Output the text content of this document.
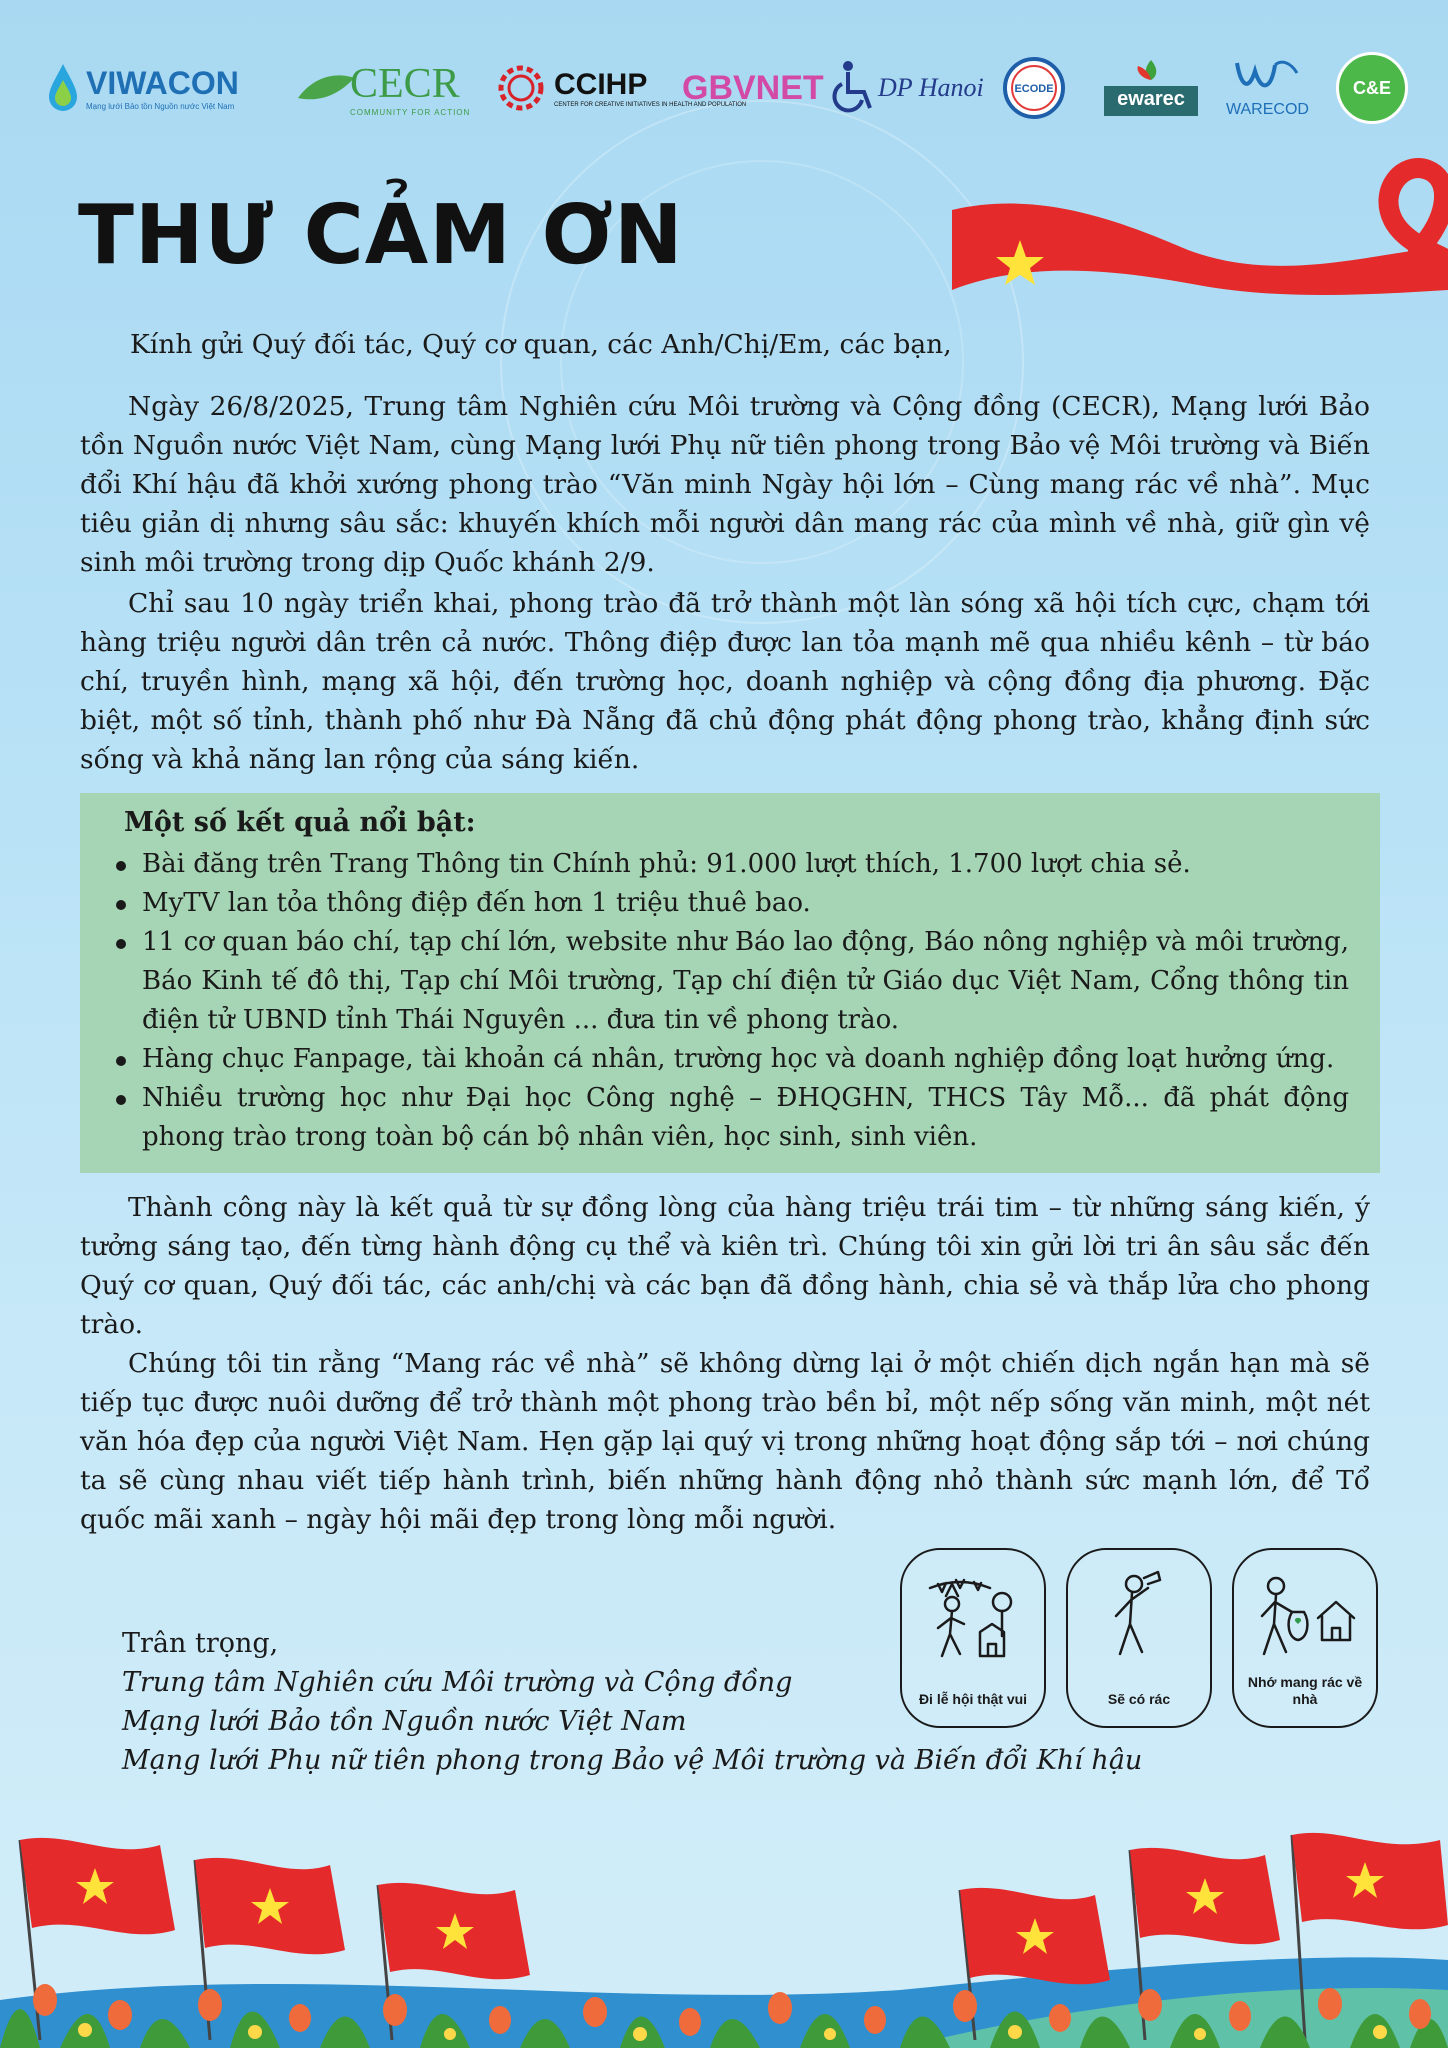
VIWACON
Mạng lưới Bảo tồn Nguồn nước Việt Nam	CECR
COMMUNITY FOR ACTION
CCIHP
CENTER FOR CREATIVE INITIATIVES IN HEALTH AND POPULATION
GBVNET DP Hanoi	ECODE	ewarec	WARECOD
C&E
THƯ CẢM ƠN
Kính gửi Quý đối tác, Quý cơ quan, các Anh/Chị/Em, các bạn,

Ngày 26/8/2025, Trung tâm Nghiên cứu Môi trường và Cộng đồng (CECR), Mạng lưới Bảo tồn Nguồn nước Việt Nam, cùng Mạng lưới Phụ nữ tiên phong trong Bảo vệ Môi trường và Biến đổi Khí hậu đã khởi xướng phong trào “Văn minh Ngày hội lớn – Cùng mang rác về nhà”. Mục tiêu giản dị nhưng sâu sắc: khuyến khích mỗi người dân mang rác của mình về nhà, giữ gìn vệ sinh môi trường trong dịp Quốc khánh 2/9.

Chỉ sau 10 ngày triển khai, phong trào đã trở thành một làn sóng xã hội tích cực, chạm tới hàng triệu người dân trên cả nước. Thông điệp được lan tỏa mạnh mẽ qua nhiều kênh – từ báo chí, truyền hình, mạng xã hội, đến trường học, doanh nghiệp và cộng đồng địa phương. Đặc biệt, một số tỉnh, thành phố như Đà Nẵng đã chủ động phát động phong trào, khẳng định sức sống và khả năng lan rộng của sáng kiến.

Một số kết quả nổi bật:
Bài đăng trên Trang Thông tin Chính phủ: 91.000 lượt thích, 1.700 lượt chia sẻ.
MyTV lan tỏa thông điệp đến hơn 1 triệu thuê bao.
11 cơ quan báo chí, tạp chí lớn, website như Báo lao động, Báo nông nghiệp và môi trường, Báo Kinh tế đô thị, Tạp chí Môi trường, Tạp chí điện tử Giáo dục Việt Nam, Cổng thông tin điện tử UBND tỉnh Thái Nguyên ... đưa tin về phong trào.
Hàng chục Fanpage, tài khoản cá nhân, trường học và doanh nghiệp đồng loạt hưởng ứng.
Nhiều trường học như Đại học Công nghệ – ĐHQGHN, THCS Tây Mỗ... đã phát động phong trào trong toàn bộ cán bộ nhân viên, học sinh, sinh viên.

Thành công này là kết quả từ sự đồng lòng của hàng triệu trái tim – từ những sáng kiến, ý tưởng sáng tạo, đến từng hành động cụ thể và kiên trì. Chúng tôi xin gửi lời tri ân sâu sắc đến Quý cơ quan, Quý đối tác, các anh/chị và các bạn đã đồng hành, chia sẻ và thắp lửa cho phong trào.

Chúng tôi tin rằng “Mang rác về nhà” sẽ không dừng lại ở một chiến dịch ngắn hạn mà sẽ tiếp tục được nuôi dưỡng để trở thành một phong trào bền bỉ, một nếp sống văn minh, một nét văn hóa đẹp của người Việt Nam. Hẹn gặp lại quý vị trong những hoạt động sắp tới – nơi chúng ta sẽ cùng nhau viết tiếp hành trình, biến những hành động nhỏ thành sức mạnh lớn, để Tổ quốc mãi xanh – ngày hội mãi đẹp trong lòng mỗi người.

Trân trọng,
Trung tâm Nghiên cứu Môi trường và Cộng đồng
Mạng lưới Bảo tồn Nguồn nước Việt Nam
Mạng lưới Phụ nữ tiên phong trong Bảo vệ Môi trường và Biến đổi Khí hậu
Đi lễ hội thật vui	Sẽ có rác
Nhớ mang rác về nhà
